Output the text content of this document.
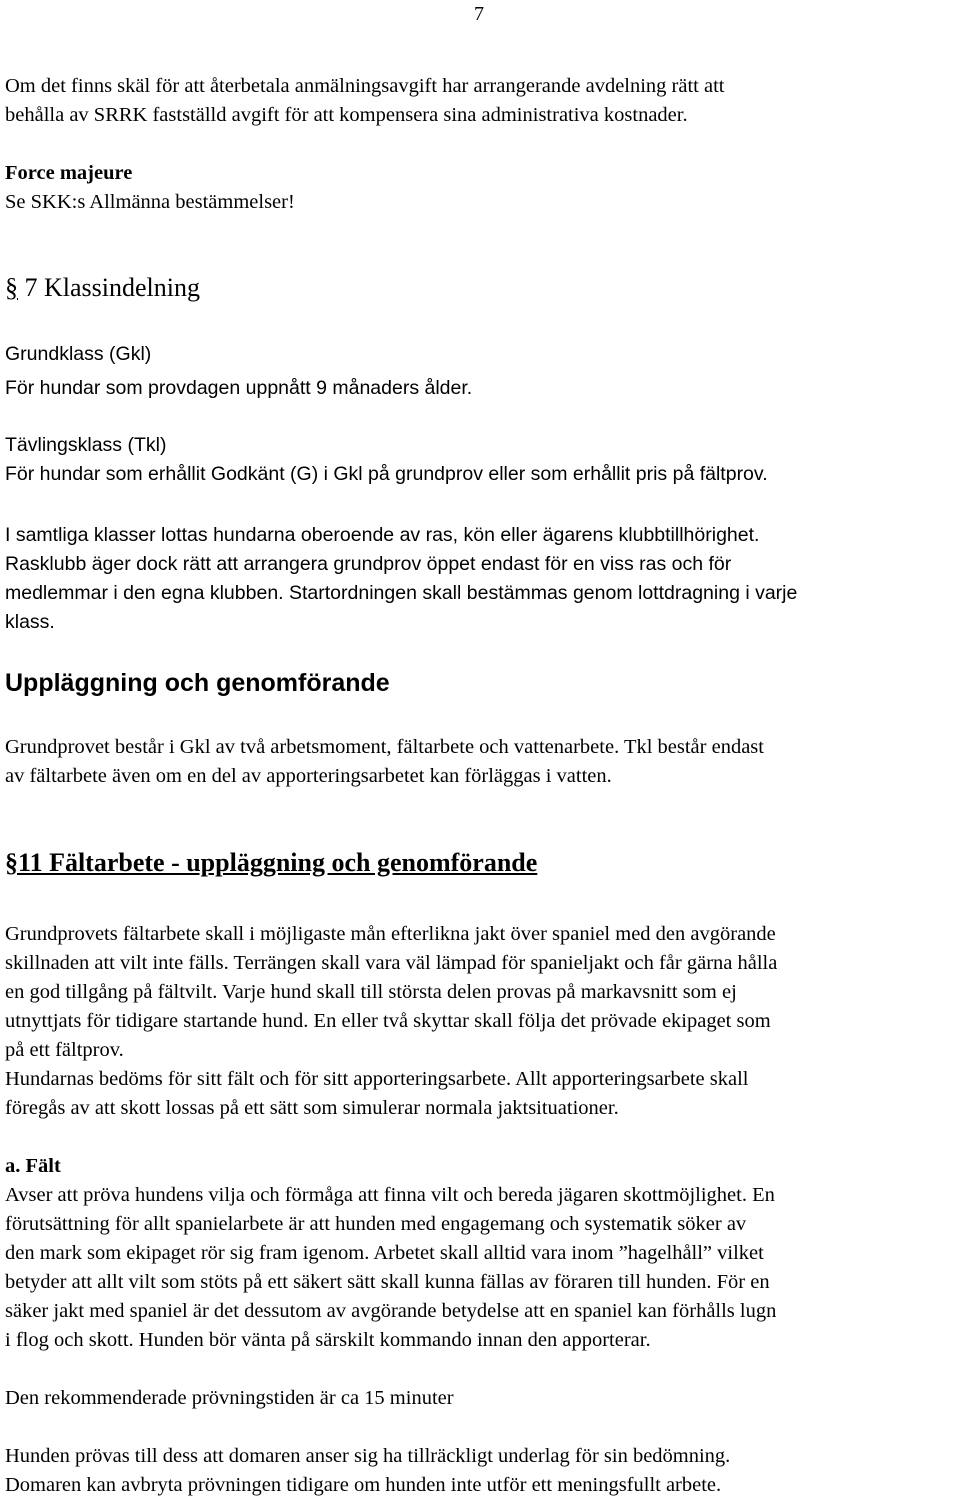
7
Om det finns skäl för att återbetala anmälningsavgift har arrangerande avdelning rätt att
behålla av SRRK fastställd avgift för att kompensera sina administrativa kostnader.
Force majeure
Se SKK:s Allmänna bestämmelser!
§ 7 Klassindelning
Grundklass (Gkl)
För hundar som provdagen uppnått 9 månaders ålder.
Tävlingsklass (Tkl)
För hundar som erhållit Godkänt (G) i Gkl på grundprov eller som erhållit pris på fältprov.
I samtliga klasser lottas hundarna oberoende av ras, kön eller ägarens klubbtillhörighet.
Rasklubb äger dock rätt att arrangera grundprov öppet endast för en viss ras och för
medlemmar i den egna klubben. Startordningen skall bestämmas genom lottdragning i varje
klass.
Uppläggning och genomförande
Grundprovet består i Gkl av två arbetsmoment, fältarbete och vattenarbete. Tkl består endast
av fältarbete även om en del av apporteringsarbetet kan förläggas i vatten.
§11 Fältarbete - uppläggning och genomförande
Grundprovets fältarbete skall i möjligaste mån efterlikna jakt över spaniel med den avgörande
skillnaden att vilt inte fälls. Terrängen skall vara väl lämpad för spanieljakt och får gärna hålla
en god tillgång på fältvilt. Varje hund skall till största delen provas på markavsnitt som ej
utnyttjats för tidigare startande hund. En eller två skyttar skall följa det prövade ekipaget som
på ett fältprov.
Hundarnas bedöms för sitt fält och för sitt apporteringsarbete. Allt apporteringsarbete skall
föregås av att skott lossas på ett sätt som simulerar normala jaktsituationer.
a. Fält
Avser att pröva hundens vilja och förmåga att finna vilt och bereda jägaren skottmöjlighet. En
förutsättning för allt spanielarbete är att hunden med engagemang och systematik söker av
den mark som ekipaget rör sig fram igenom. Arbetet skall alltid vara inom ”hagelhåll” vilket
betyder att allt vilt som stöts på ett säkert sätt skall kunna fällas av föraren till hunden. För en
säker jakt med spaniel är det dessutom av avgörande betydelse att en spaniel kan förhålls lugn
i flog och skott. Hunden bör vänta på särskilt kommando innan den apporterar.
Den rekommenderade prövningstiden är ca 15 minuter
Hunden prövas till dess att domaren anser sig ha tillräckligt underlag för sin bedömning.
Domaren kan avbryta prövningen tidigare om hunden inte utför ett meningsfullt arbete.
